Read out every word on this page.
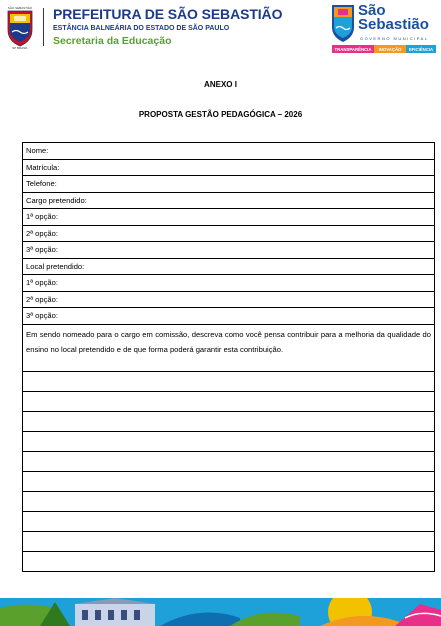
SÃO SEBASTIÃO
SP BRASIL
PREFEITURA DE SÃO SEBASTIÃO
ESTÂNCIA BALNEÁRIA DO ESTADO DE SÃO PAULO
Secretaria da Educação
São
Sebastião
GOVERNO MUNICIPAL
TRANSPARÊNCIA	INOVAÇÃO	EFICIÊNCIA
ANEXO I
PROPOSTA GESTÃO PEDAGÓGICA – 2026
Nome:
Matrícula:
Telefone:
Cargo pretendido:
1ª opção:
2ª opção:
3ª opção:
Local pretendido:
1ª opção:
2ª opção:
3ª opção:
Em sendo nomeado para o cargo em comissão, descreva como você pensa contribuir para a melhoria da qualidade do ensino no local pretendido e de que forma poderá garantir esta contribuição.
